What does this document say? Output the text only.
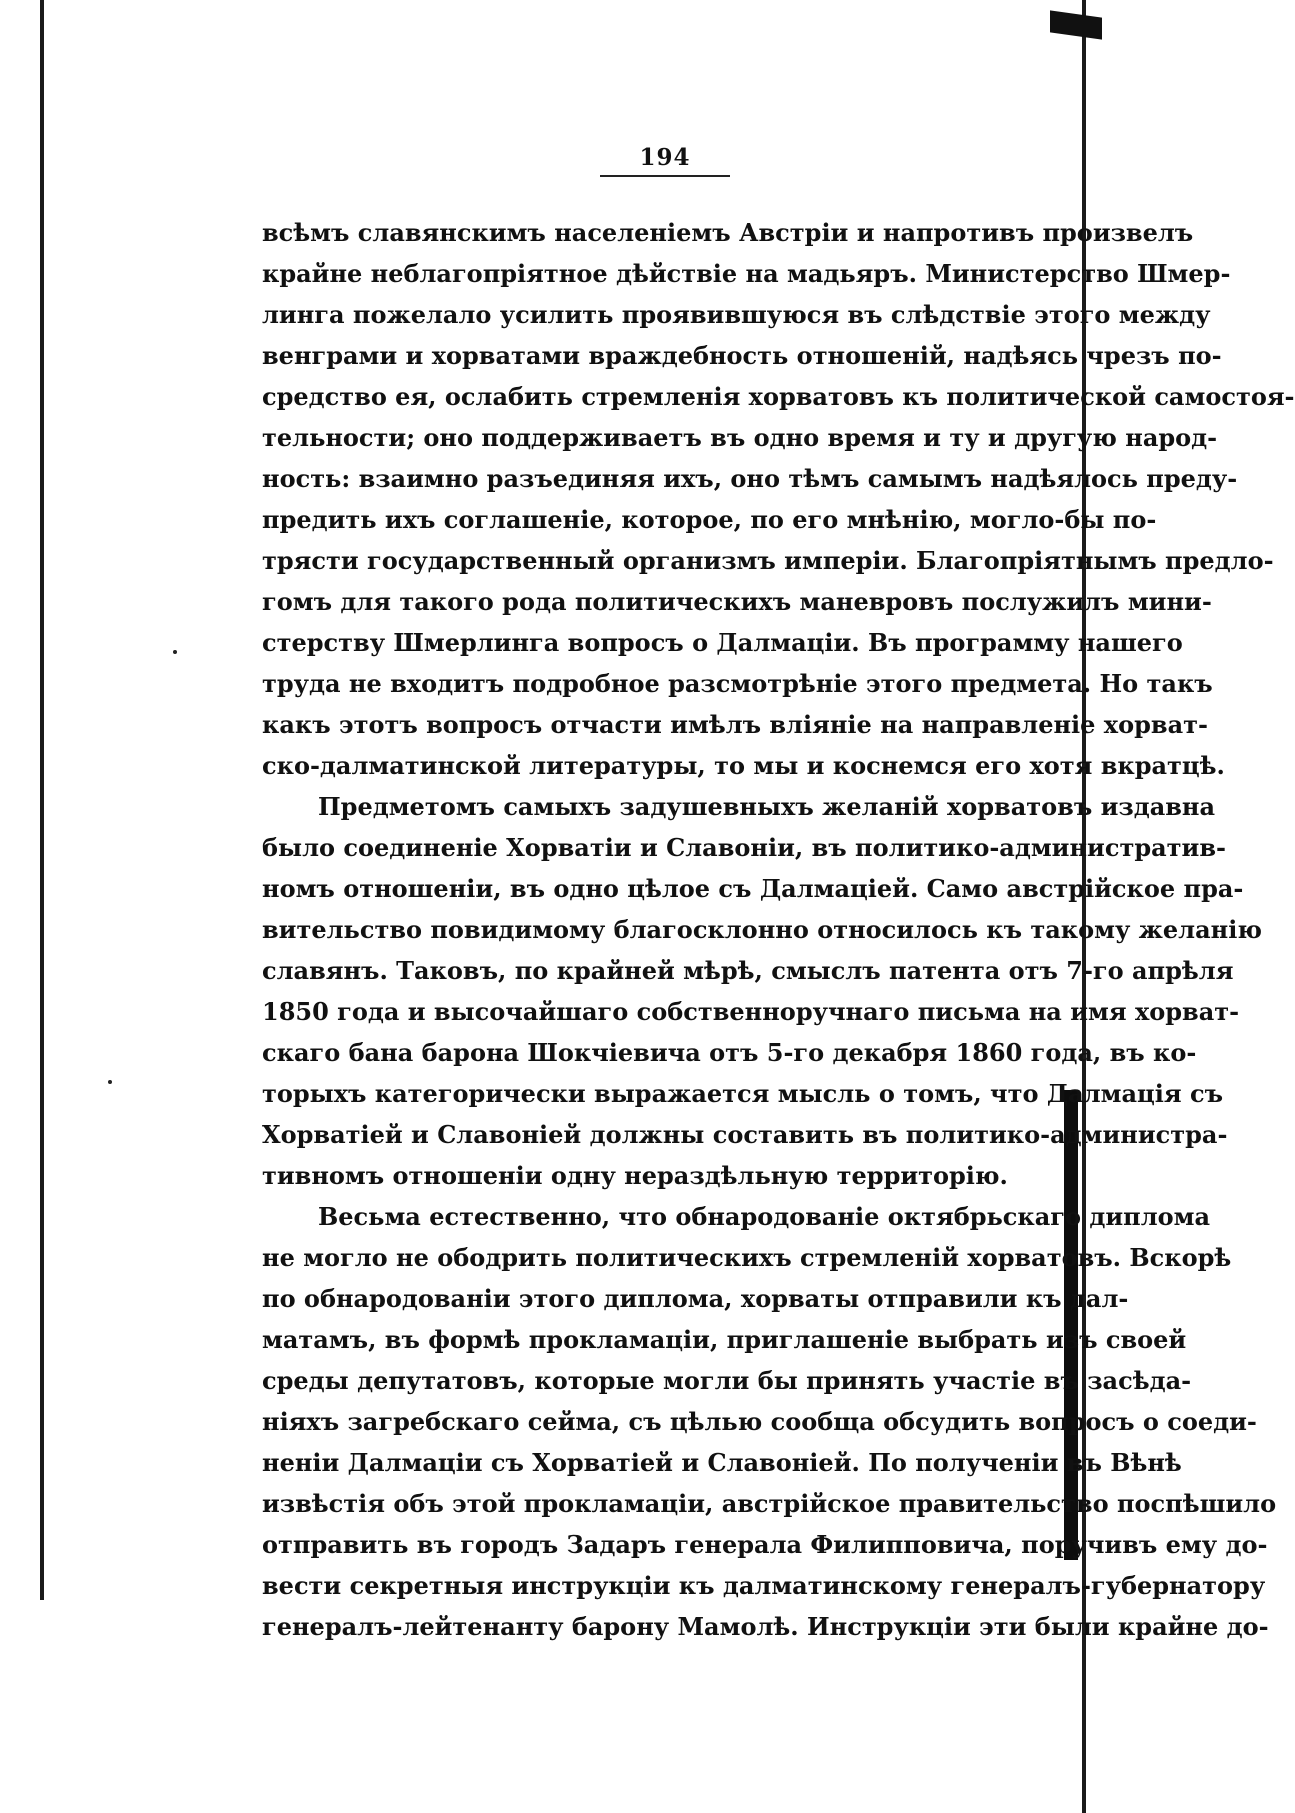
194
всѣмъ славянскимъ населеніемъ Австріи и напротивъ произвелъ
крайне неблагопріятное дѣйствіе на мадьяръ. Министерство Шмер-
линга пожелало усилить проявившуюся въ слѣдствіе этого между
венграми и хорватами враждебность отношеній, надѣясь чрезъ по-
средство ея, ослабить стремленія хорватовъ къ политической самостоя-
тельности; оно поддерживаетъ въ одно время и ту и другую народ-
ность: взаимно разъединяя ихъ, оно тѣмъ самымъ надѣялось преду-
предить ихъ соглашеніе, которое, по его мнѣнію, могло-бы по-
трясти государственный организмъ имперіи. Благопріятнымъ предло-
гомъ для такого рода политическихъ маневровъ послужилъ мини-
стерству Шмерлинга вопросъ о Далмаціи. Въ программу нашего
труда не входитъ подробное разсмотрѣніе этого предмета. Но такъ
какъ этотъ вопросъ отчасти имѣлъ вліяніе на направленіе хорват-
ско-далматинской литературы, то мы и коснемся его хотя вкратцѣ.
Предметомъ самыхъ задушевныхъ желаній хорватовъ издавна
было соединеніе Хорватіи и Славоніи, въ политико-административ-
номъ отношеніи, въ одно цѣлое съ Далмаціей. Само австрійское пра-
вительство повидимому благосклонно относилось къ такому желанію
славянъ. Таковъ, по крайней мѣрѣ, смыслъ патента отъ 7-го апрѣля
1850 года и высочайшаго собственноручнаго письма на имя хорват-
скаго бана барона Шокчіевича отъ 5-го декабря 1860 года, въ ко-
торыхъ категорически выражается мысль о томъ, что Далмація съ
Хорватіей и Славоніей должны составить въ политико-администра-
тивномъ отношеніи одну нераздѣльную территорію.
Весьма естественно, что обнародованіе октябрьскаго диплома
не могло не ободрить политическихъ стремленій хорватовъ. Вскорѣ
по обнародованіи этого диплома, хорваты отправили къ дал-
матамъ, въ формѣ прокламаціи, приглашеніе выбрать изъ своей
среды депутатовъ, которые могли бы принять участіе въ засѣда-
ніяхъ загребскаго сейма, съ цѣлью сообща обсудить вопросъ о соеди-
неніи Далмаціи съ Хорватіей и Славоніей. По полученіи въ Вѣнѣ
извѣстія объ этой прокламаціи, австрійское правительство поспѣшило
отправить въ городъ Задаръ генерала Филипповича, поручивъ ему до-
вести секретныя инструкціи къ далматинскому генералъ-губернатору
генералъ-лейтенанту барону Мамолѣ. Инструкціи эти были крайне до-
